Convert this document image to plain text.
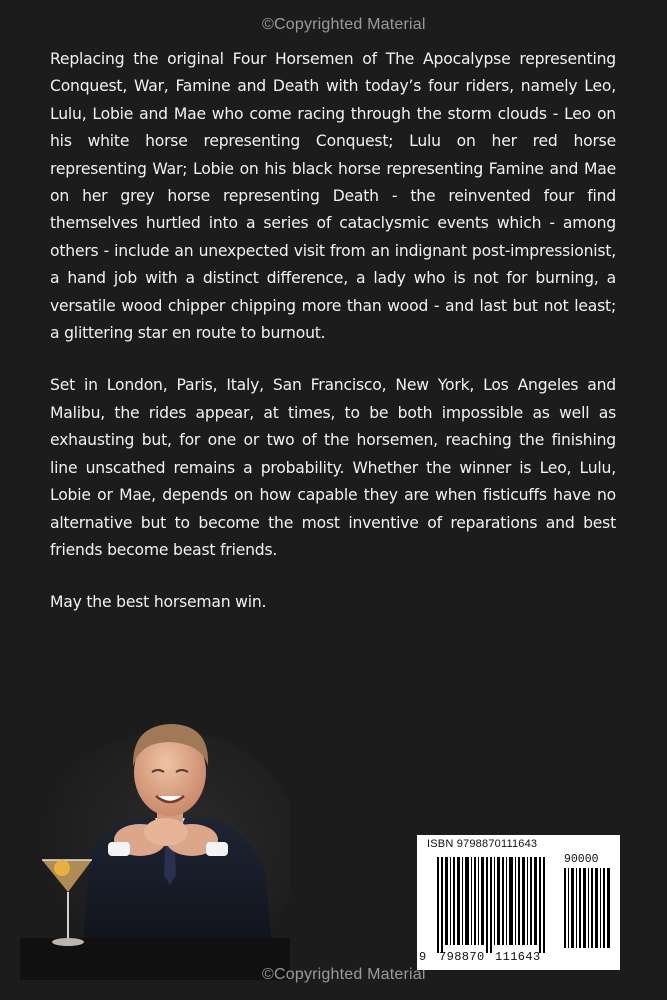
©Copyrighted Material

Replacing the original Four Horsemen of The Apocalypse representing Conquest, War, Famine and Death with today’s four riders, namely Leo, Lulu, Lobie and Mae who come racing through the storm clouds - Leo on his white horse representing Conquest; Lulu on her red horse representing War; Lobie on his black horse representing Famine and Mae on her grey horse representing Death - the reinvented four find themselves hurtled into a series of cataclysmic events which - among others - include an unexpected visit from an indignant post-impressionist, a hand job with a distinct difference, a lady who is not for burning, a versatile wood chipper chipping more than wood - and last but not least; a glittering star en route to burnout.

Set in London, Paris, Italy, San Francisco, New York, Los Angeles and Malibu, the rides appear, at times, to be both impossible as well as exhausting but, for one or two of the horsemen, reaching the finishing line unscathed remains a probability. Whether the winner is Leo, Lulu, Lobie or Mae, depends on how capable they are when fisticuffs have no alternative but to become the most inventive of reparations and best friends become beast friends.

May the best horseman win.

ISBN 9798870111643
90000
9 798870 111643
©Copyrighted Material
